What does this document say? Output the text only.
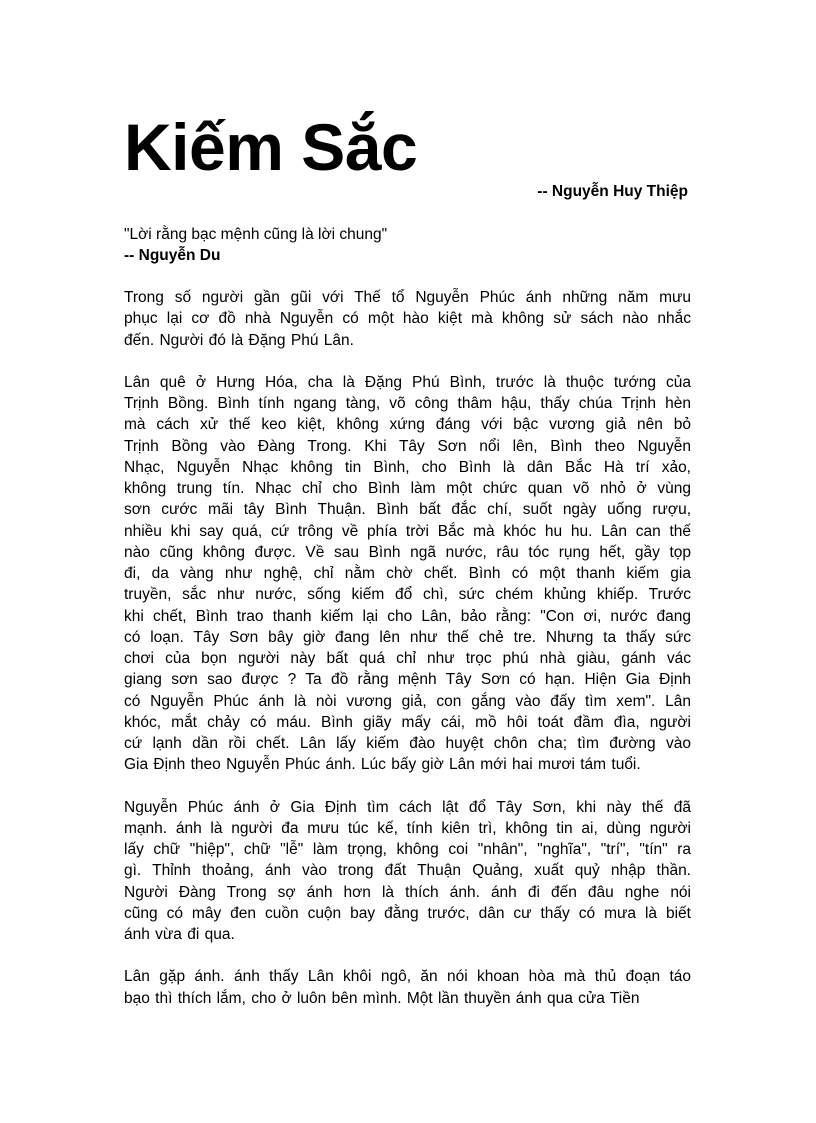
Kiếm Sắc
-- Nguyễn Huy Thiệp
"Lời rằng bạc mệnh cũng là lời chung"
-- Nguyễn Du

Trong số người gần gũi với Thế tổ Nguyễn Phúc ánh những năm mưu
phục lại cơ đồ nhà Nguyễn có một hào kiệt mà không sử sách nào nhắc
đến. Người đó là Đặng Phú Lân.

Lân quê ở Hưng Hóa, cha là Đặng Phú Bình, trước là thuộc tướng của
Trịnh Bồng. Bình tính ngang tàng, võ công thâm hậu, thấy chúa Trịnh hèn
mà cách xử thế keo kiệt, không xứng đáng với bậc vương giả nên bỏ
Trịnh Bồng vào Đàng Trong. Khi Tây Sơn nổi lên, Bình theo Nguyễn
Nhạc, Nguyễn Nhạc không tin Bình, cho Bình là dân Bắc Hà trí xảo,
không trung tín. Nhạc chỉ cho Bình làm một chức quan võ nhỏ ở vùng
sơn cước mãi tây Bình Thuận. Bình bất đắc chí, suốt ngày uống rượu,
nhiều khi say quá, cứ trông về phía trời Bắc mà khóc hu hu. Lân can thế
nào cũng không được. Về sau Bình ngã nước, râu tóc rụng hết, gầy tọp
đi, da vàng như nghệ, chỉ nằm chờ chết. Bình có một thanh kiếm gia
truyền, sắc như nước, sống kiếm đổ chì, sức chém khủng khiếp. Trước
khi chết, Bình trao thanh kiếm lại cho Lân, bảo rằng: "Con ơi, nước đang
có loạn. Tây Sơn bây giờ đang lên như thế chẻ tre. Nhưng ta thấy sức
chơi của bọn người này bất quá chỉ như trọc phú nhà giàu, gánh vác
giang sơn sao được ? Ta đồ rằng mệnh Tây Sơn có hạn. Hiện Gia Định
có Nguyễn Phúc ánh là nòi vương giả, con gắng vào đấy tìm xem". Lân
khóc, mắt chảy có máu. Bình giãy mấy cái, mồ hôi toát đầm đìa, người
cứ lạnh dần rồi chết. Lân lấy kiếm đào huyệt chôn cha; tìm đường vào
Gia Định theo Nguyễn Phúc ánh. Lúc bấy giờ Lân mới hai mươi tám tuổi.

Nguyễn Phúc ánh ở Gia Định tìm cách lật đổ Tây Sơn, khi này thế đã
mạnh. ánh là người đa mưu túc kế, tính kiên trì, không tin ai, dùng người
lấy chữ "hiệp", chữ "lễ" làm trọng, không coi "nhân", "nghĩa", "trí", "tín" ra
gì. Thỉnh thoảng, ánh vào trong đất Thuận Quảng, xuất quỷ nhập thần.
Người Đàng Trong sợ ánh hơn là thích ánh. ánh đi đến đâu nghe nói
cũng có mây đen cuồn cuộn bay đằng trước, dân cư thấy có mưa là biết
ánh vừa đi qua.

Lân gặp ánh. ánh thấy Lân khôi ngô, ăn nói khoan hòa mà thủ đoạn táo
bạo thì thích lắm, cho ở luôn bên mình. Một lần thuyền ánh qua cửa Tiền
